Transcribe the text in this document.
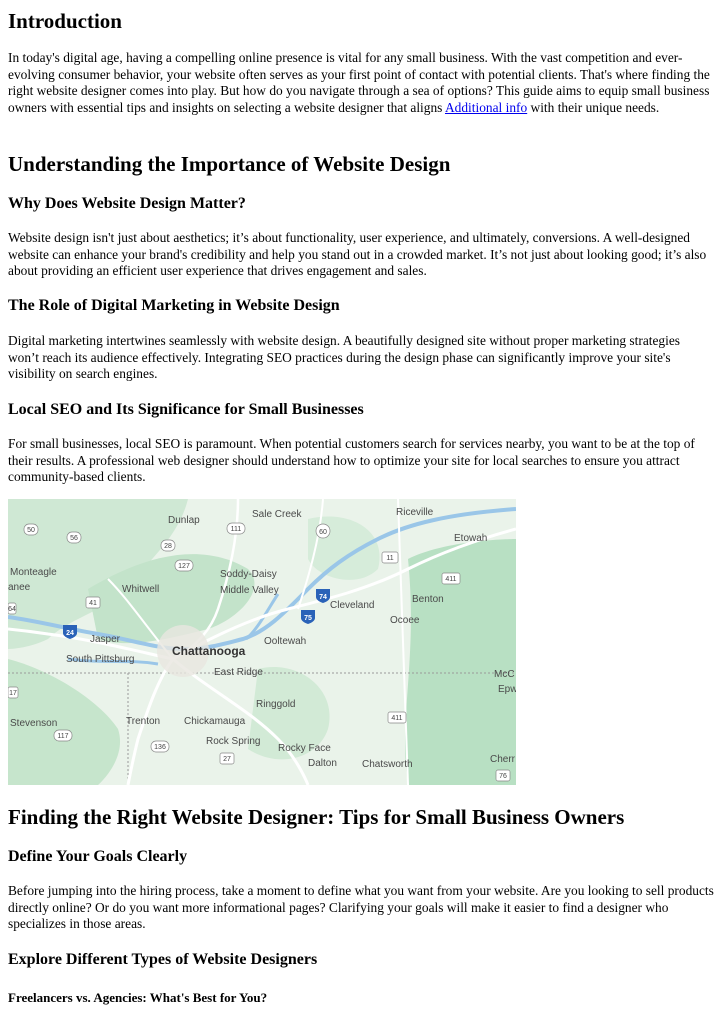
Introduction

In today's digital age, having a compelling online presence is vital for any small business. With the vast competition and ever-evolving consumer behavior, your website often serves as your first point of contact with potential clients. That's where finding the right website designer comes into play. But how do you navigate through a sea of options? This guide aims to equip small business owners with essential tips and insights on selecting a website designer that aligns Additional info with their unique needs.

Understanding the Importance of Website Design
Why Does Website Design Matter?

Website design isn't just about aesthetics; it’s about functionality, user experience, and ultimately, conversions. A well-designed website can enhance your brand's credibility and help you stand out in a crowded market. It’s not just about looking good; it’s also about providing an efficient user experience that drives engagement and sales.

The Role of Digital Marketing in Website Design

Digital marketing intertwines seamlessly with website design. A beautifully designed site without proper marketing strategies won’t reach its audience effectively. Integrating SEO practices during the design phase can significantly improve your site's visibility on search engines.

Local SEO and Its Significance for Small Businesses

For small businesses, local SEO is paramount. When potential customers search for services nearby, you want to be at the top of their results. A professional web designer should understand how to optimize your site for local searches to ensure you attract community-based clients.

Dunlap
Sale Creek	Riceville
Etowah
Monteagle
anee	Whitwell
Soddy-Daisy
Middle Valley
Cleveland
Benton
Ocoee
Jasper
South Pittsburg
Ooltewah
Chattanooga
East Ridge	McC
Epw
Ringgold
Stevenson	Trenton Chickamauga
Rock Spring
Rocky Face
Dalton	Chatsworth	Cherr
50
56
111
28
127
60
11
411
41
75
74
24
64
17
411
117
136
27
76
Finding the Right Website Designer: Tips for Small Business Owners
Define Your Goals Clearly

Before jumping into the hiring process, take a moment to define what you want from your website. Are you looking to sell products directly online? Or do you want more informational pages? Clarifying your goals will make it easier to find a designer who specializes in those areas.

Explore Different Types of Website Designers
Freelancers vs. Agencies: What's Best for You?
